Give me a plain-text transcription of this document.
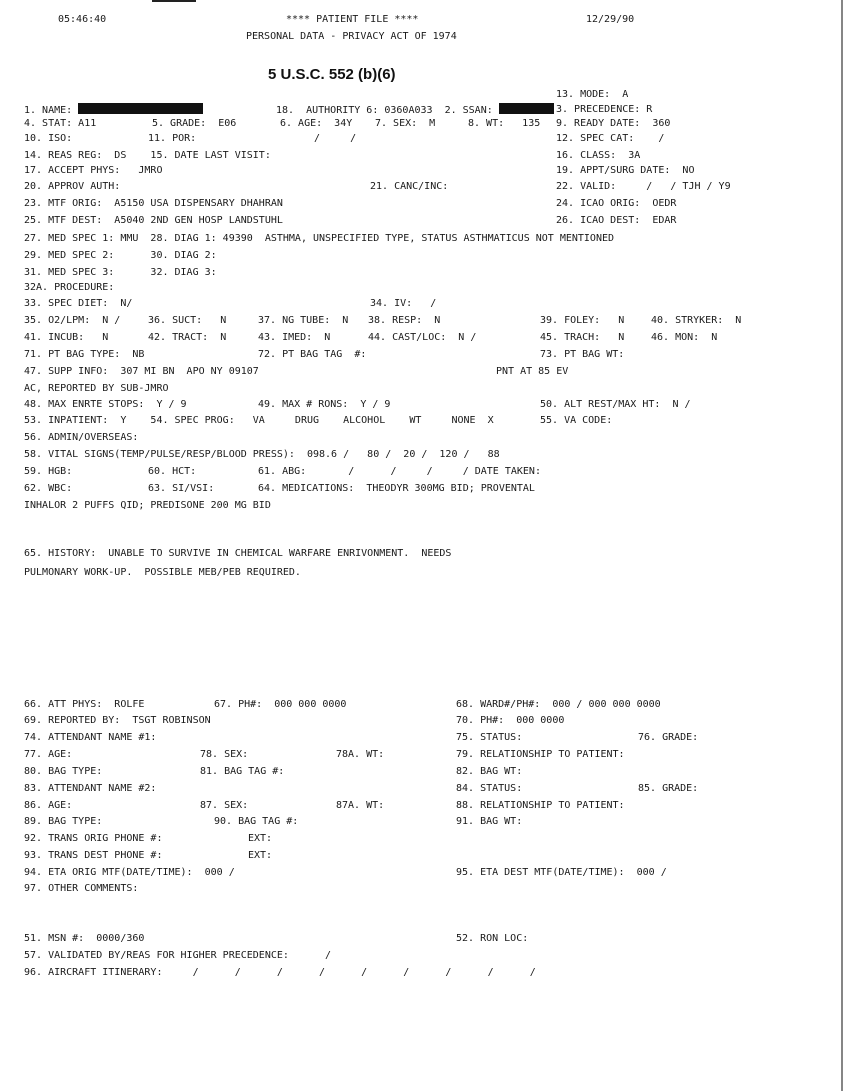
05:46:40	**** PATIENT FILE ****	12/29/90
PERSONAL DATA - PRIVACY ACT OF 1974
5 U.S.C. 552 (b)(6)
13. MODE:  A
1. NAME:	18.  AUTHORITY 6: 0360A033  2. SSAN:	3. PRECEDENCE: R
4. STAT: A11	5. GRADE:  E06	6. AGE:  34Y 7. SEX:  M	8. WT:   135 9. READY DATE:  360
10. ISO:	11. POR:	/     /	12. SPEC CAT:    /
14. REAS REG:  DS    15. DATE LAST VISIT:	16. CLASS:  3A
17. ACCEPT PHYS:   JMRO	19. APPT/SURG DATE:  NO
20. APPROV AUTH:	21. CANC/INC:	22. VALID:     /   / TJH / Y9
23. MTF ORIG:  A5150 USA DISPENSARY DHAHRAN	24. ICAO ORIG:  OEDR
25. MTF DEST:  A5040 2ND GEN HOSP LANDSTUHL	26. ICAO DEST:  EDAR
27. MED SPEC 1: MMU  28. DIAG 1: 49390  ASTHMA, UNSPECIFIED TYPE, STATUS ASTHMATICUS NOT MENTIONED
29. MED SPEC 2:      30. DIAG 2:
31. MED SPEC 3:      32. DIAG 3:
32A. PROCEDURE:
33. SPEC DIET:  N/	34. IV:   /
35. O2/LPM:  N /	36. SUCT:   N	37. NG TUBE:  N 38. RESP:  N	39. FOLEY:   N	40. STRYKER:  N
41. INCUB:   N	42. TRACT:  N	43. IMED:  N	44. CAST/LOC:  N /	45. TRACH:   N	46. MON:  N
71. PT BAG TYPE:  NB	72. PT BAG TAG  #:	73. PT BAG WT:
47. SUPP INFO:  307 MI BN  APO NY 09107	PNT AT 85 EV
AC, REPORTED BY SUB-JMRO
48. MAX ENRTE STOPS:  Y / 9	49. MAX # RONS:  Y / 9	50. ALT REST/MAX HT:  N /
53. INPATIENT:  Y    54. SPEC PROG:   VA     DRUG    ALCOHOL    WT     NONE  X	55. VA CODE:
56. ADMIN/OVERSEAS:
58. VITAL SIGNS(TEMP/PULSE/RESP/BLOOD PRESS):  098.6 /   80 /  20 /  120 /   88
59. HGB:	60. HCT:	61. ABG:       /      /     /     / DATE TAKEN:
62. WBC:	63. SI/VSI:	64. MEDICATIONS:  THEODYR 300MG BID; PROVENTAL
INHALOR 2 PUFFS QID; PREDISONE 200 MG BID
65. HISTORY:  UNABLE TO SURVIVE IN CHEMICAL WARFARE ENRIVONMENT.  NEEDS
PULMONARY WORK-UP.  POSSIBLE MEB/PEB REQUIRED.
66. ATT PHYS:  ROLFE	67. PH#:  000 000 0000	68. WARD#/PH#:  000 / 000 000 0000
69. REPORTED BY:  TSGT ROBINSON	70. PH#:  000 0000
74. ATTENDANT NAME #1:	75. STATUS:	76. GRADE:
77. AGE:	78. SEX:	78A. WT:	79. RELATIONSHIP TO PATIENT:
80. BAG TYPE:	81. BAG TAG #:	82. BAG WT:
83. ATTENDANT NAME #2:	84. STATUS:	85. GRADE:
86. AGE:	87. SEX:	87A. WT:	88. RELATIONSHIP TO PATIENT:
89. BAG TYPE:	90. BAG TAG #:	91. BAG WT:
92. TRANS ORIG PHONE #:	EXT:
93. TRANS DEST PHONE #:	EXT:
94. ETA ORIG MTF(DATE/TIME):  000 /	95. ETA DEST MTF(DATE/TIME):  000 /
97. OTHER COMMENTS:
51. MSN #:  0000/360	52. RON LOC:
57. VALIDATED BY/REAS FOR HIGHER PRECEDENCE:      /
96. AIRCRAFT ITINERARY:     /      /      /      /      /      /      /      /      /
